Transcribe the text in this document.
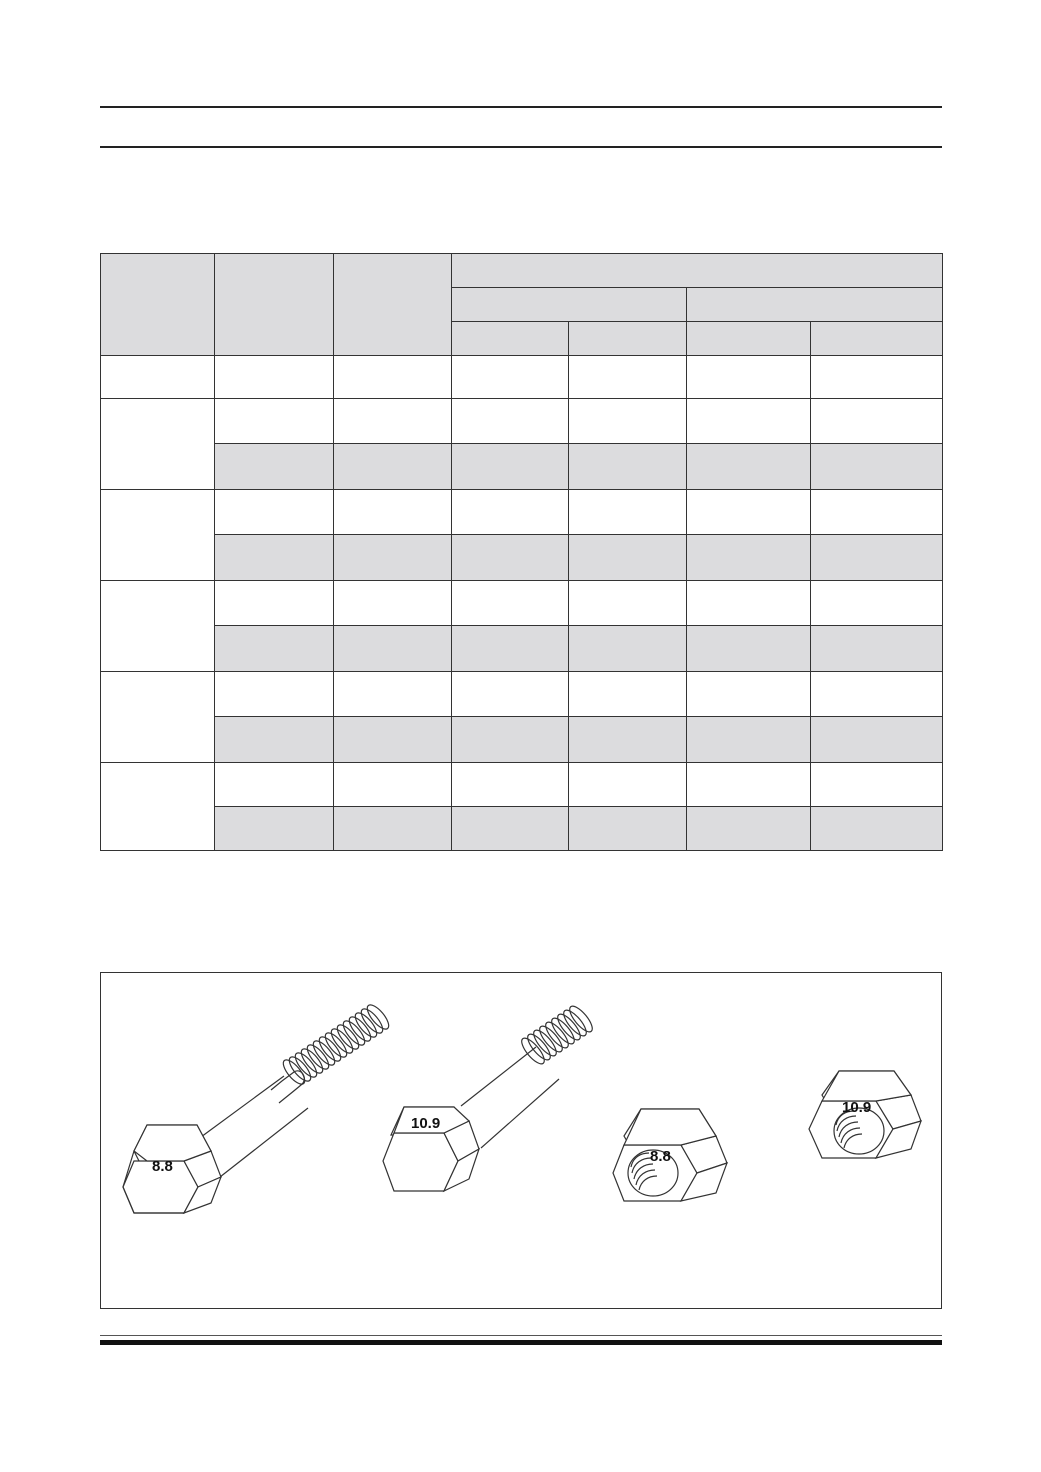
8.8
10.9
8.8
10.9
